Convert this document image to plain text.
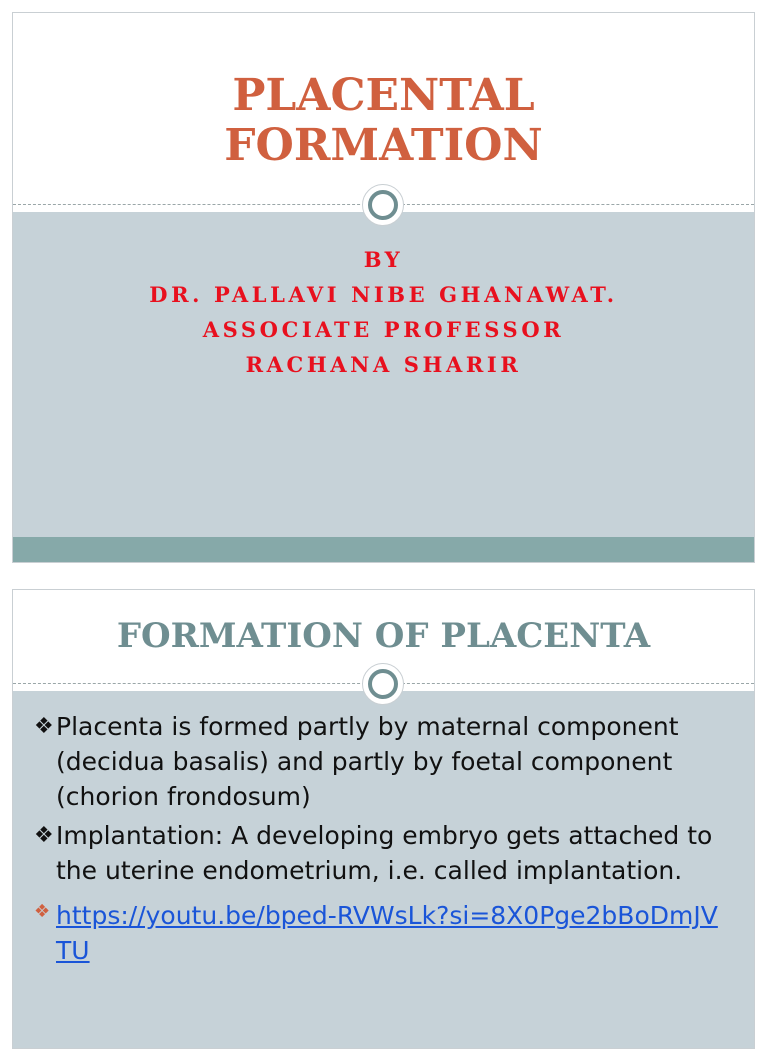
PLACENTAL
FORMATION
BY
DR. PALLAVI NIBE GHANAWAT.
ASSOCIATE PROFESSOR
RACHANA SHARIR
FORMATION OF PLACENTA
❖ Placenta is formed partly by maternal component (decidua basalis) and partly by foetal component (chorion frondosum)
❖ Implantation: A developing embryo gets attached to the uterine endometrium, i.e. called implantation.
❖ https://youtu.be/bped-RVWsLk?si=8X0Pge2bBoDmJVTU
